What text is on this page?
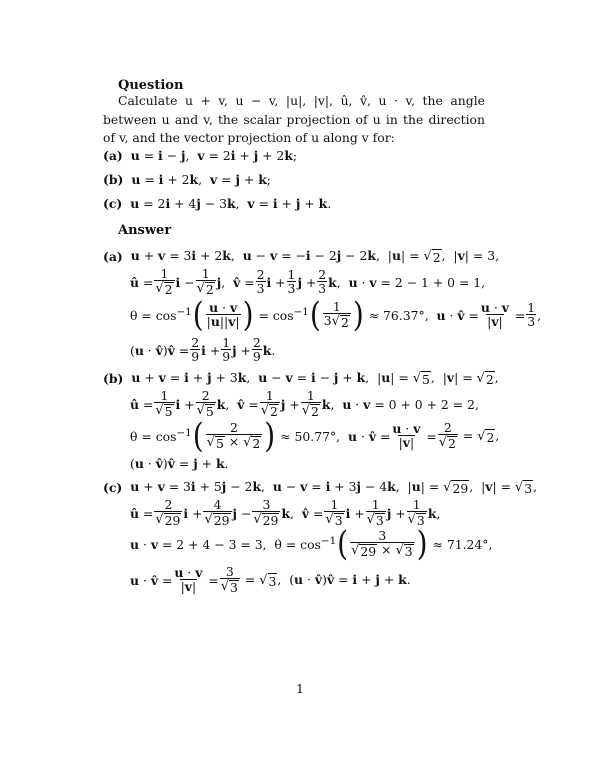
Question
Calculate u + v, u − v, |u|, |v|, û, v̂, u · v, the angle between u and v, the scalar projection of u in the direction of v, and the vector projection of u along v for:
(a) u = i − j,  v = 2i + j + 2k;
(b) u = i + 2k,  v = j + k;
(c) u = 2i + 4j − 3k,  v = i + j + k.
Answer
(a) u + v = 3i + 2k,  u − v = −i − 2j − 2k,  |u| = √ 2 ,  |v| = 3,
û = $\frac{1}{√ 2}$ $i - \frac{1}{√ 2} j$,  v̂ = $\frac{2}{3}$ $i + \frac{1}{3}$ $j + \frac{2}{3} k$,  u · v = 2 − 1 + 0 = 1,
$\theta = \cos^{-1}$ ( u · v
|u||v| ) = $\cos^{-1}$ ( 1
3 √ 2 ) ≈ 76.37°,  u · v̂ = $\frac{u \cdot v}{|v|} = \frac{1}{3}$ ,
(u · v̂)v̂ = $\frac{2}{9}$ $i + \frac{1}{9}$ $j + \frac{2}{9} k$.
(b) u + v = i + j + 3k,  u − v = i − j + k,  |u| = √ 5 ,  |v| = √ 2 ,
û = $\frac{1}{√ 5}$ $i + \frac{2}{√ 5} k$,  v̂ = $\frac{1}{√ 2}$ $j + \frac{1}{√ 2} k$,  u · v = 0 + 0 + 2 = 2,
$\theta = \cos^{-1}$ ( 2
√ 5 × √ 2 ) ≈ 50.77°,  u · v̂ = $\frac{u \cdot v}{|v|} = \frac{2}{√ 2}$ = √ 2 ,
(u · v̂)v̂ = j + k.
(c) u + v = 3i + 5j − 2k,  u − v = i + 3j − 4k,  |u| = √ 29 ,  |v| = √ 3 ,
û = $\frac{2}{√ 29}$ $i + \frac{4}{√ 29}$ $j - \frac{3}{√ 29} k$,  v̂ = $\frac{1}{√ 3}$ $i + \frac{1}{√ 3}$ $j + \frac{1}{√ 3} k$,
u · v = 2 + 4 − 3 = 3,  $\theta = \cos^{-1}$ ( 3
√ 29 × √ 3 ) ≈ 71.24°,
u · v̂ = $\frac{u \cdot v}{|v|} = \frac{3}{√ 3}$ = √ 3 ,  (u · v̂)v̂ = i + j + k.
1
